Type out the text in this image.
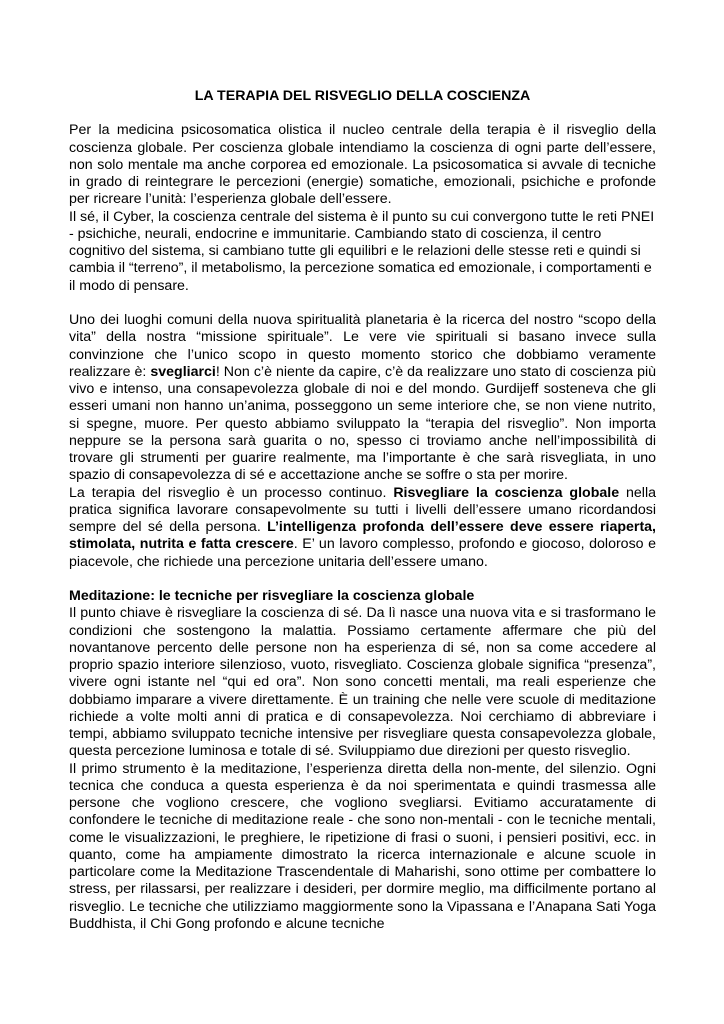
LA TERAPIA DEL RISVEGLIO DELLA COSCIENZA

Per la medicina psicosomatica olistica il nucleo centrale della terapia è il risveglio della coscienza globale. Per coscienza globale intendiamo la coscienza di ogni parte dell’essere, non solo mentale ma anche corporea ed emozionale. La psicosomatica si avvale di tecniche in grado di reintegrare le percezioni (energie) somatiche, emozionali, psichiche e profonde per ricreare l’unità: l’esperienza globale dell’essere.

Il sé, il Cyber, la coscienza centrale del sistema è il punto su cui convergono tutte le reti PNEI - psichiche, neurali, endocrine e immunitarie. Cambiando stato di coscienza, il centro cognitivo del sistema, si cambiano tutte gli equilibri e le relazioni delle stesse reti e quindi si cambia il “terreno”, il metabolismo, la percezione somatica ed emozionale, i comportamenti e il modo di pensare.

Uno dei luoghi comuni della nuova spiritualità planetaria è la ricerca del nostro “scopo della vita” della nostra “missione spirituale”. Le vere vie spirituali si basano invece sulla convinzione che l’unico scopo in questo momento storico che dobbiamo veramente realizzare è: svegliarci! Non c’è niente da capire, c’è da realizzare uno stato di coscienza più vivo e intenso, una consapevolezza globale di noi e del mondo. Gurdijeff sosteneva che gli esseri umani non hanno un’anima, posseggono un seme interiore che, se non viene nutrito, si spegne, muore. Per questo abbiamo sviluppato la “terapia del risveglio”. Non importa neppure se la persona sarà guarita o no, spesso ci troviamo anche nell’impossibilità di trovare gli strumenti per guarire realmente, ma l’importante è che sarà risvegliata, in uno spazio di consapevolezza di sé e accettazione anche se soffre o sta per morire.

La terapia del risveglio è un processo continuo. Risvegliare la coscienza globale nella pratica significa lavorare consapevolmente su tutti i livelli dell’essere umano ricordandosi sempre del sé della persona. L’intelligenza profonda dell’essere deve essere riaperta, stimolata, nutrita e fatta crescere. E’ un lavoro complesso, profondo e giocoso, doloroso e piacevole, che richiede una percezione unitaria dell’essere umano.

Meditazione: le tecniche per risvegliare la coscienza globale

Il punto chiave è risvegliare la coscienza di sé. Da lì nasce una nuova vita e si trasformano le condizioni che sostengono la malattia. Possiamo certamente affermare che più del novantanove percento delle persone non ha esperienza di sé, non sa come accedere al proprio spazio interiore silenzioso, vuoto, risvegliato. Coscienza globale significa “presenza”, vivere ogni istante nel “qui ed ora”. Non sono concetti mentali, ma reali esperienze che dobbiamo imparare a vivere direttamente. È un training che nelle vere scuole di meditazione richiede a volte molti anni di pratica e di consapevolezza. Noi cerchiamo di abbreviare i tempi, abbiamo sviluppato tecniche intensive per risvegliare questa consapevolezza globale, questa percezione luminosa e totale di sé. Sviluppiamo due direzioni per questo risveglio.

Il primo strumento è la meditazione, l’esperienza diretta della non-mente, del silenzio. Ogni tecnica che conduca a questa esperienza è da noi sperimentata e quindi trasmessa alle persone che vogliono crescere, che vogliono svegliarsi. Evitiamo accuratamente di confondere le tecniche di meditazione reale - che sono non-mentali - con le tecniche mentali, come le visualizzazioni, le preghiere, le ripetizione di frasi o suoni, i pensieri positivi, ecc. in quanto, come ha ampiamente dimostrato la ricerca internazionale e alcune scuole in particolare come la Meditazione Trascendentale di Maharishi, sono ottime per combattere lo stress, per rilassarsi, per realizzare i desideri, per dormire meglio, ma difficilmente portano al risveglio. Le tecniche che utilizziamo maggiormente sono la Vipassana e l’Anapana Sati Yoga Buddhista, il Chi Gong profondo e alcune tecniche
